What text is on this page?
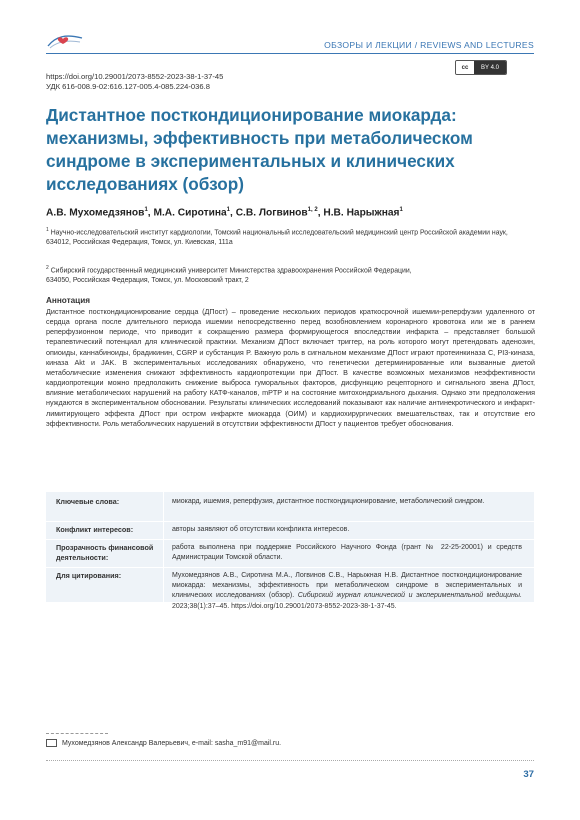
ОБЗОРЫ И ЛЕКЦИИ / REVIEWS AND LECTURES
cc	BY 4.0
https://doi.org/10.29001/2073-8552-2023-38-1-37-45
УДК 616-008.9-02:616.127-005.4-085.224-036.8
Дистантное посткондиционирование миокарда: механизмы, эффективность при метаболическом синдроме в экспериментальных и клинических исследованиях (обзор)

А.В. Мухомедзянов$^1$, М.А. Сиротина$^1$, С.В. Логвинов$^{1, 2}$, Н.В. Нарыжная$^1$

$^1$ Научно-исследовательский институт кардиологии, Томский национальный исследовательский медицинский центр Российской академии наук,
634012, Российская Федерация, Томск, ул. Киевская, 111а
$^2$ Сибирский государственный медицинский университет Министерства здравоохранения Российской Федерации,
634050, Российская Федерация, Томск, ул. Московский тракт, 2
Аннотация

Дистантное посткондиционирование сердца (ДПост) – проведение нескольких периодов краткосрочной ишемии-реперфузии удаленного от сердца органа после длительного периода ишемии непосредственно перед возобновлением коронарного кровотока или же в раннем реперфузионном периоде, что приводит к сокращению размера формирующегося впоследствии инфаркта – представляет большой терапевтический потенциал для клинической практики. Механизм ДПост включает триггер, на роль которого могут претендовать аденозин, опиоиды, каннабиноиды, брадикинин, CGRP и субстанция P. Важную роль в сигнальном механизме ДПост играют протеинкиназа C, PI3-киназа, киназа Akt и JAK. В экспериментальных исследованиях обнаружено, что генетически детерминированные или вызванные диетой метаболические изменения снижают эффективность кардиопротекции при ДПост. В качестве возможных механизмов неэффективности кардиопротекции можно предположить снижение выброса гуморальных факторов, дисфункцию рецепторного и сигнального звена ДПост, влияние метаболических нарушений на работу КАТФ-каналов, mPTP и на состояние митохондриального дыхания. Однако эти предположения нуждаются в экспериментальном обосновании. Результаты клинических исследований показывают как наличие антинекротического и инфаркт-лимитирующего эффекта ДПост при остром инфаркте миокарда (ОИМ) и кардиохирургических вмешательствах, так и отсутствие его эффективности. Роль метаболических нарушений в отсутствии эффективности ДПост у пациентов требует обоснования.

Ключевые слова:	миокард, ишемия, реперфузия, дистантное посткондиционирование, метаболический синдром.
Конфликт интересов:	авторы заявляют об отсутствии конфликта интересов.
Прозрачность финансовой деятельности:
работа выполнена при поддержке Российского Научного Фонда (грант № 22-25-20001) и средств Администрации Томской области.
Для цитирования:	Мухомедзянов А.В., Сиротина М.А., Логвинов С.В., Нарыжная Н.В. Дистантное посткондиционирование миокарда: механизмы, эффективность при метаболическом синдроме в экспериментальных и клинических исследованиях (обзор). Сибирский журнал клинической и экспериментальной медицины. 2023;38(1):37–45. https://doi.org/10.29001/2073-8552-2023-38-1-37-45.
Мухомедзянов Александр Валерьевич, e-mail: sasha_m91@mail.ru.
37
